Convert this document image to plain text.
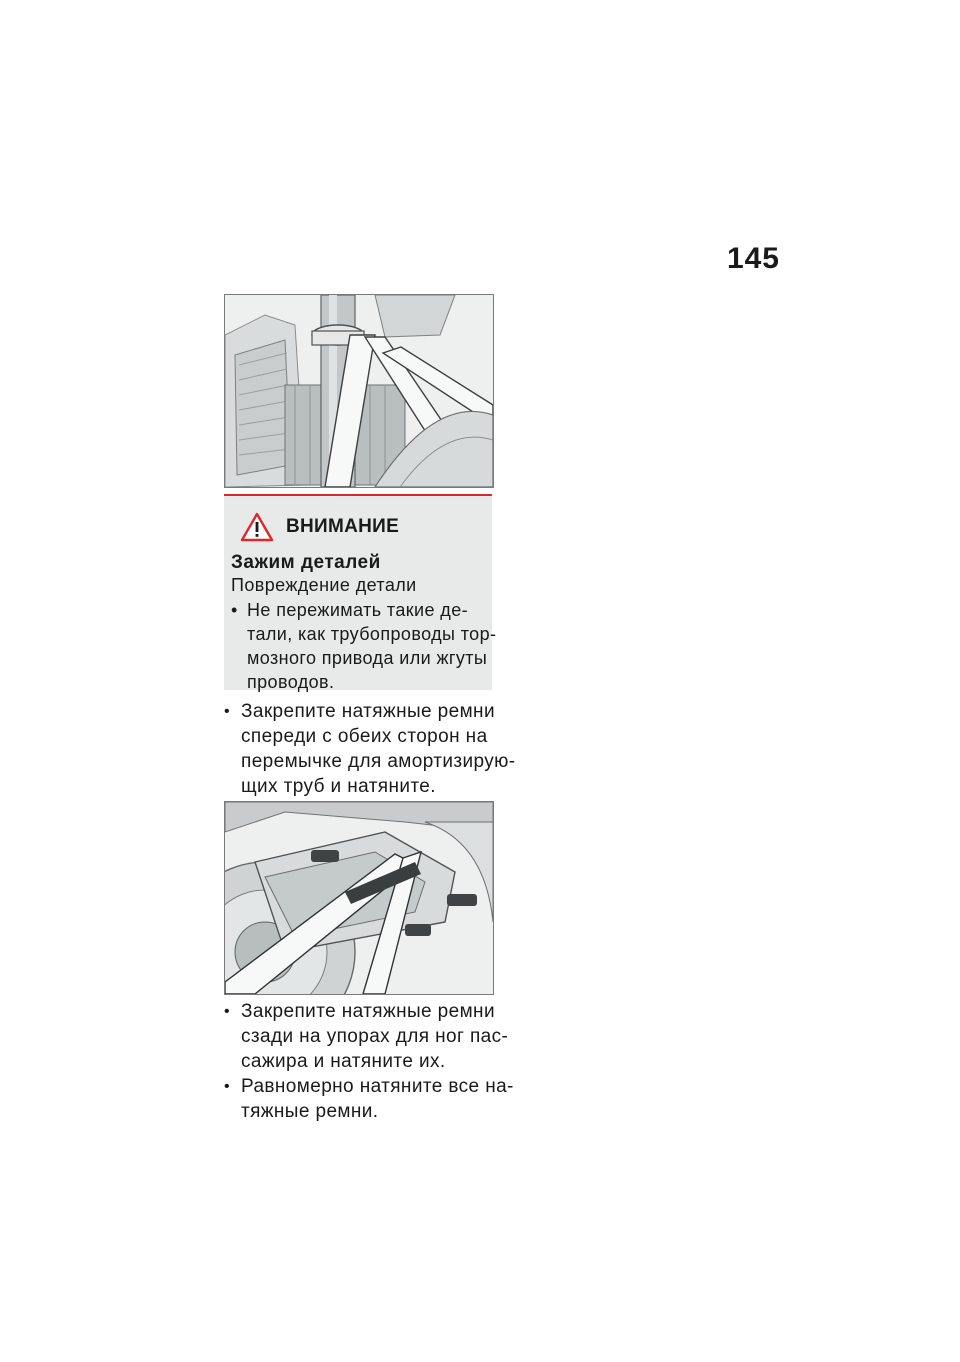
145
ВНИМАНИЕ
Зажим деталей
Повреждение детали
• Не пережимать такие де-
тали, как трубопроводы тор-
мозного привода или жгуты
проводов.
• Закрепите натяжные ремни
спереди с обеих сторон на
перемычке для амортизирую-
щих труб и натяните.
• Закрепите натяжные ремни
сзади на упорах для ног пас-
сажира и натяните их.
• Равномерно натяните все на-
тяжные ремни.
